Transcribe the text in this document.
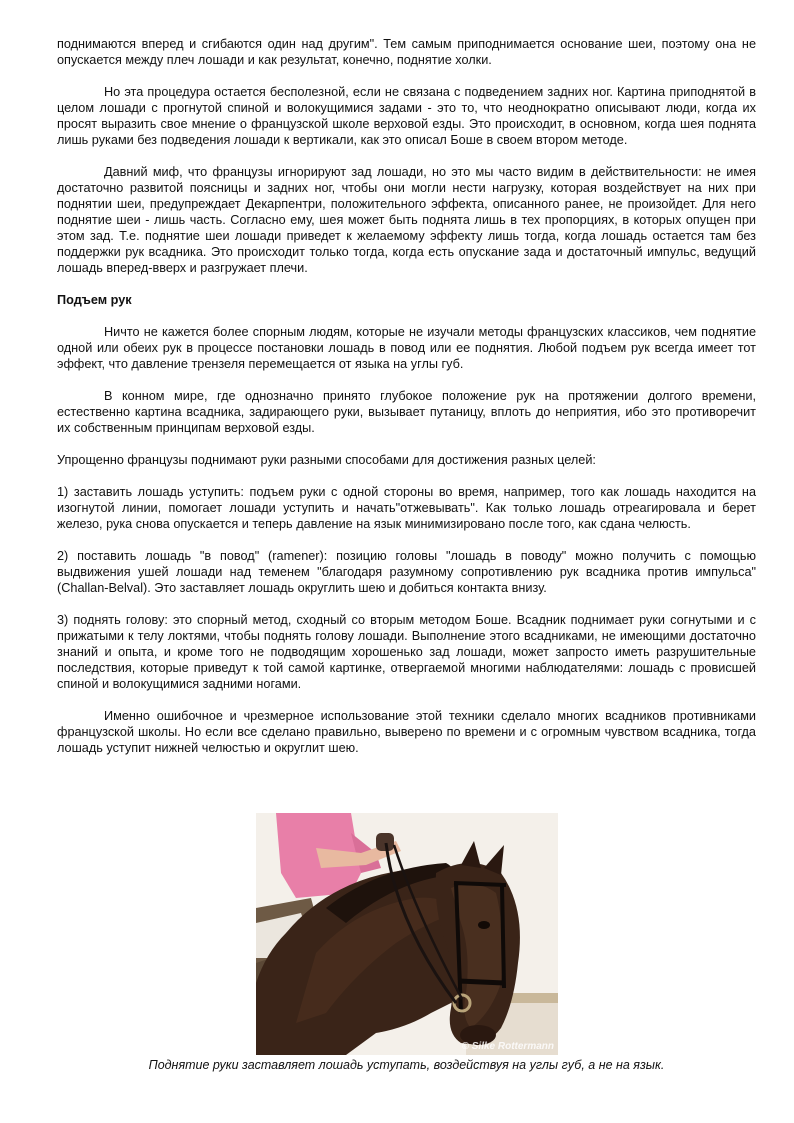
поднимаются вперед и сгибаются один над другим". Тем самым приподнимается основание шеи, поэтому она не опускается между плеч лошади и как результат, конечно, поднятие холки.

Но эта процедура остается бесполезной, если не связана с подведением задних ног. Картина приподнятой в целом лошади с прогнутой спиной и волокущимися задами - это то, что неоднократно описывают люди, когда их просят выразить свое мнение о французской школе верховой езды. Это происходит, в основном, когда шея поднята лишь руками без подведения лошади к вертикали, как это описал Боше в своем втором методе.

Давний миф, что французы игнорируют зад лошади, но это мы часто видим в действительности: не имея достаточно развитой поясницы и задних ног, чтобы они могли нести нагрузку, которая воздействует на них при поднятии шеи, предупреждает Декарпентри, положительного эффекта, описанного ранее, не произойдет. Для него поднятие шеи - лишь часть. Согласно ему, шея может быть поднята лишь в тех пропорциях, в которых опущен при этом зад. Т.е. поднятие шеи лошади приведет к желаемому эффекту лишь тогда, когда лошадь остается там без поддержки рук всадника. Это происходит только тогда, когда есть опускание зада и достаточный импульс, ведущий лошадь вперед-вверх и разгружает плечи.

Подъем рук

Ничто не кажется более спорным людям, которые не изучали методы французских классиков, чем поднятие одной или обеих рук в процессе постановки лошадь в повод или ее поднятия. Любой подъем рук всегда имеет тот эффект, что давление трензеля перемещается от языка на углы губ.

В конном мире, где однозначно принято глубокое положение рук на протяжении долгого времени, естественно картина всадника, задирающего руки, вызывает путаницу, вплоть до неприятия, ибо это противоречит их собственным принципам верховой езды.

Упрощенно французы поднимают руки разными способами для достижения разных целей:

1) заставить лошадь уступить: подъем руки с одной стороны во время, например, того как лошадь находится на изогнутой линии, помогает лошади уступить и начать"отжевывать". Как только лошадь отреагировала и берет железо, рука снова опускается и теперь давление на язык минимизировано после того, как сдана челюсть.

2) поставить лошадь "в повод" (ramener): позицию головы "лошадь в поводу" можно получить с помощью выдвижения ушей лошади над теменем "благодаря разумному сопротивлению рук всадника против импульса" (Challan-Belval). Это заставляет лошадь округлить шею и добиться контакта внизу.

3) поднять голову: это спорный метод, сходный со вторым методом Боше. Всадник поднимает руки согнутыми и с прижатыми к телу локтями, чтобы поднять голову лошади. Выполнение этого всадниками, не имеющими достаточно знаний и опыта, и кроме того не подводящим хорошенько зад лошади, может запросто иметь разрушительные последствия, которые приведут к той самой картинке, отвергаемой многими наблюдателями: лошадь с провисшей спиной и волокущимися задними ногами.

Именно ошибочное и чрезмерное использование этой техники сделало многих всадников противниками французской школы. Но если все сделано правильно, выверено по времени и с огромным чувством всадника, тогда лошадь уступит нижней челюстью и округлит шею.

© Silke Rottermann
Поднятие руки заставляет лошадь уступать, воздействуя на углы губ, а не на язык.
